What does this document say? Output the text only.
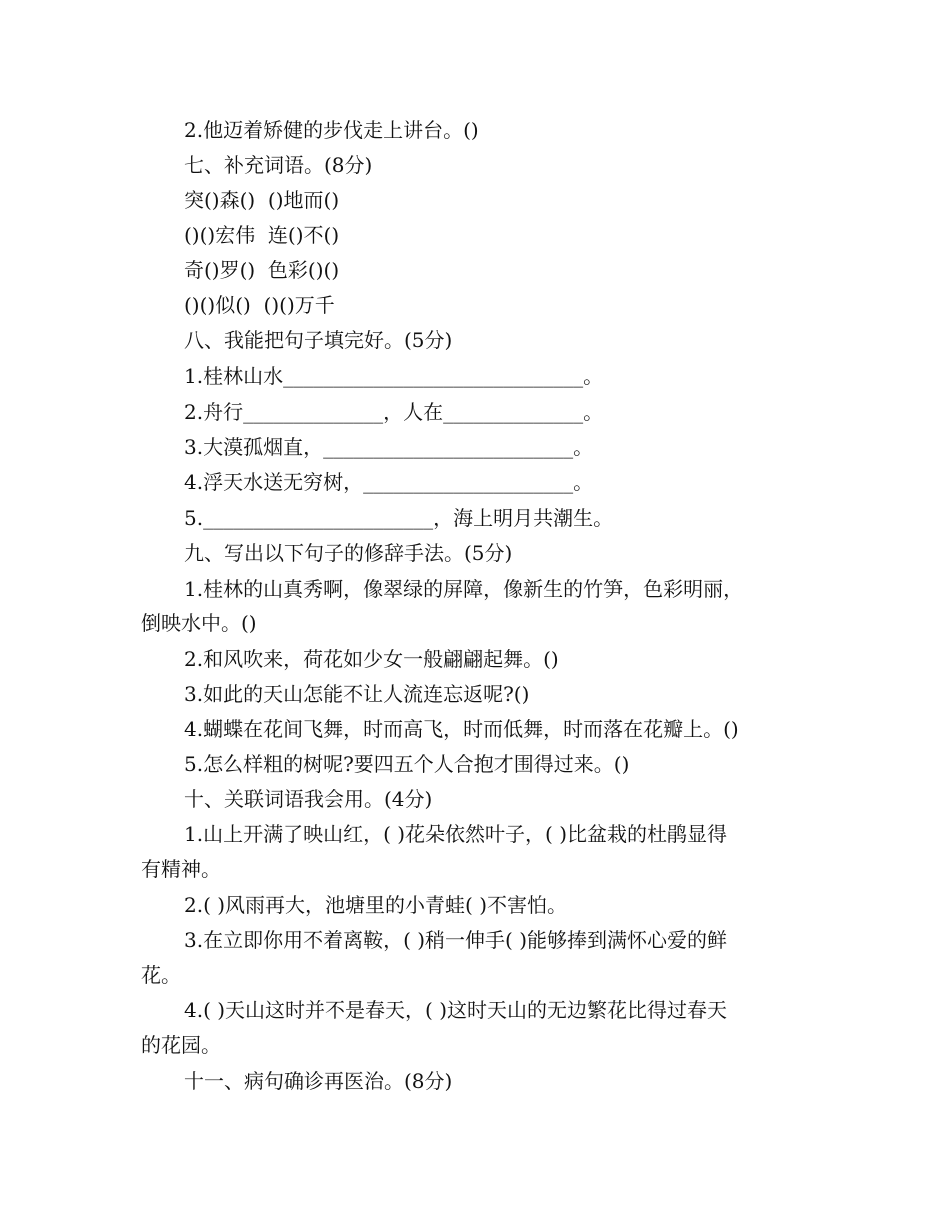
2.他迈着矫健的步伐走上讲台。()
七、补充词语。(8分)
突()森()  ()地而()
()()宏伟  连()不()
奇()罗()  色彩()()
()()似()  ()()万千
八、我能把句子填完好。(5分)
1.桂林山水______________________________。
2.舟行______________，人在______________。
3.大漠孤烟直，_________________________。
4.浮天水送无穷树，_____________________。
5._______________________，海上明月共潮生。
九、写出以下句子的修辞手法。(5分)
1.桂林的山真秀啊，像翠绿的屏障，像新生的竹笋，色彩明丽，
倒映水中。()
2.和风吹来，荷花如少女一般翩翩起舞。()
3.如此的天山怎能不让人流连忘返呢?()
4.蝴蝶在花间飞舞，时而高飞，时而低舞，时而落在花瓣上。()
5.怎么样粗的树呢?要四五个人合抱才围得过来。()
十、关联词语我会用。(4分)
1.山上开满了映山红，( )花朵依然叶子，( )比盆栽的杜鹃显得
有精神。
2.( )风雨再大，池塘里的小青蛙( )不害怕。
3.在立即你用不着离鞍，( )稍一伸手( )能够捧到满怀心爱的鲜
花。
4.( )天山这时并不是春天，( )这时天山的无边繁花比得过春天
的花园。
十一、病句确诊再医治。(8分)
